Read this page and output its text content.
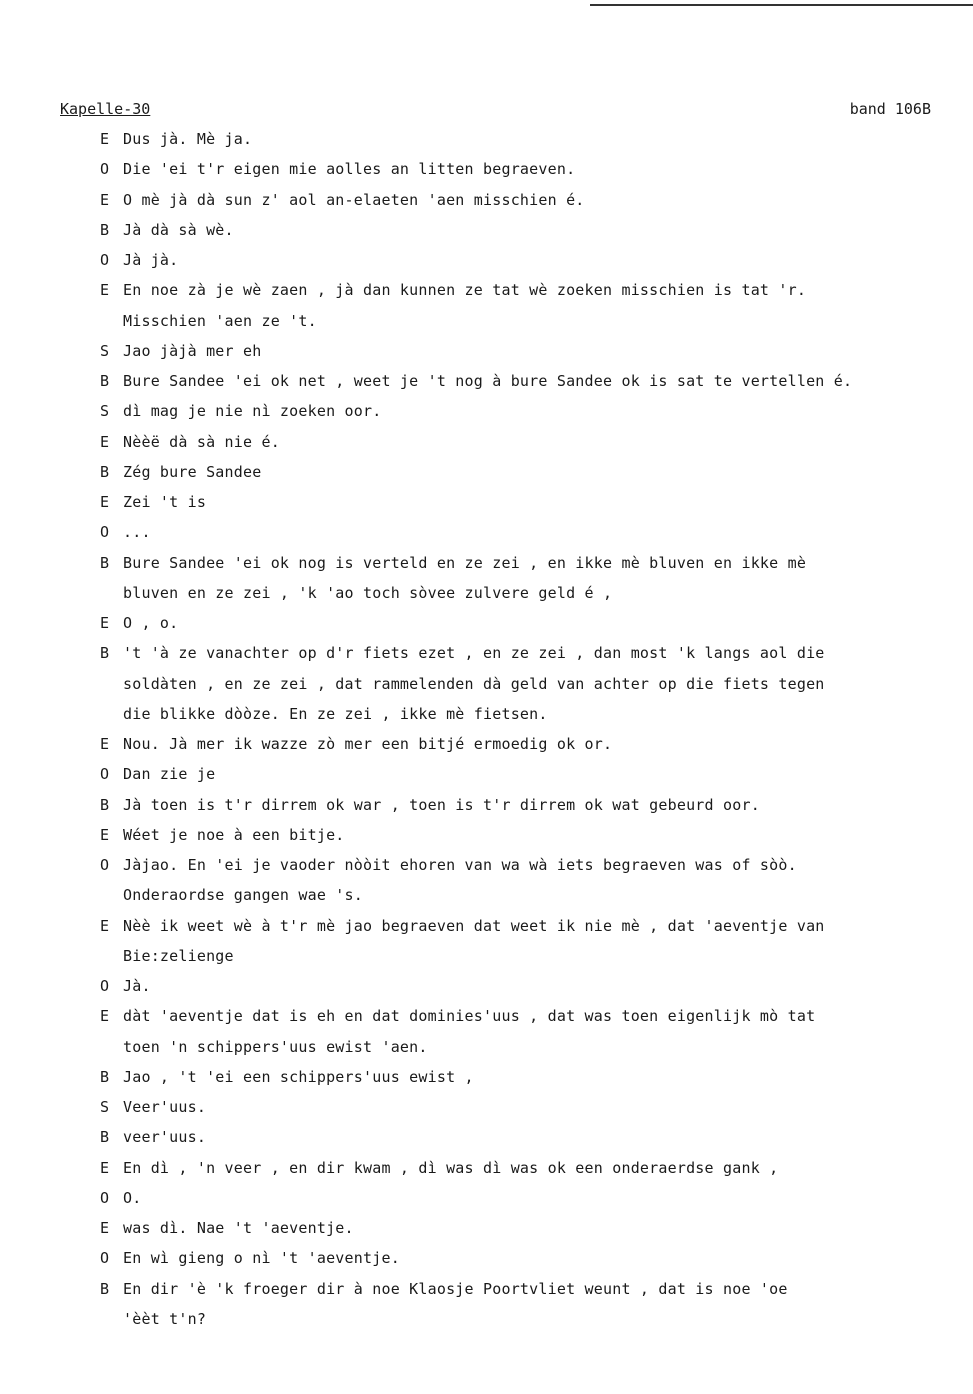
Kapelle-30	band 106B
E Dus jà. Mè ja.
O Die 'ei t'r eigen mie aolles an litten begraeven.
E O mè jà dà sun z' aol an-elaeten 'aen misschien é.
B Jà dà sà wè.
O Jà jà.
E En noe zà je wè zaen , jà dan kunnen ze tat wè zoeken misschien is tat 'r.
Misschien 'aen ze 't.
S Jao jàjà mer eh
B Bure Sandee 'ei ok net , weet je 't nog à bure Sandee ok is sat te vertellen é.
S dì mag je nie nì zoeken oor.
E Nèèë dà sà nie é.
B Zég bure Sandee
E Zei 't is
O ...
B Bure Sandee 'ei ok nog is verteld en ze zei , en ikke mè bluven en ikke mè
bluven en ze zei , 'k 'ao toch sòvee zulvere geld é ,
E O , o.
B 't 'à ze vanachter op d'r fiets ezet , en ze zei , dan most 'k langs aol die
soldàten , en ze zei , dat rammelenden dà geld van achter op die fiets tegen
die blikke dòòze. En ze zei , ikke mè fietsen.
E Nou. Jà mer ik wazze zò mer een bitjé ermoedig ok or.
O Dan zie je
B Jà toen is t'r dirrem ok war , toen is t'r dirrem ok wat gebeurd oor.
E Wéet je noe à een bitje.
O Jàjao. En 'ei je vaoder nòòit ehoren van wa wà iets begraeven was of sòò.
Onderaordse gangen wae 's.
E Nèè ik weet wè à t'r mè jao begraeven dat weet ik nie mè , dat 'aeventje van
Bie:zelienge
O Jà.
E dàt 'aeventje dat is eh en dat dominies'uus , dat was toen eigenlijk mò tat
toen 'n schippers'uus ewist 'aen.
B Jao , 't 'ei een schippers'uus ewist ,
S Veer'uus.
B veer'uus.
E En dì , 'n veer , en dir kwam , dì was dì was ok een onderaerdse gank ,
O O.
E was dì. Nae 't 'aeventje.
O En wì gieng o nì 't 'aeventje.
B En dir 'è 'k froeger dir à noe Klaosje Poortvliet weunt , dat is noe 'oe
'èèt t'n?
